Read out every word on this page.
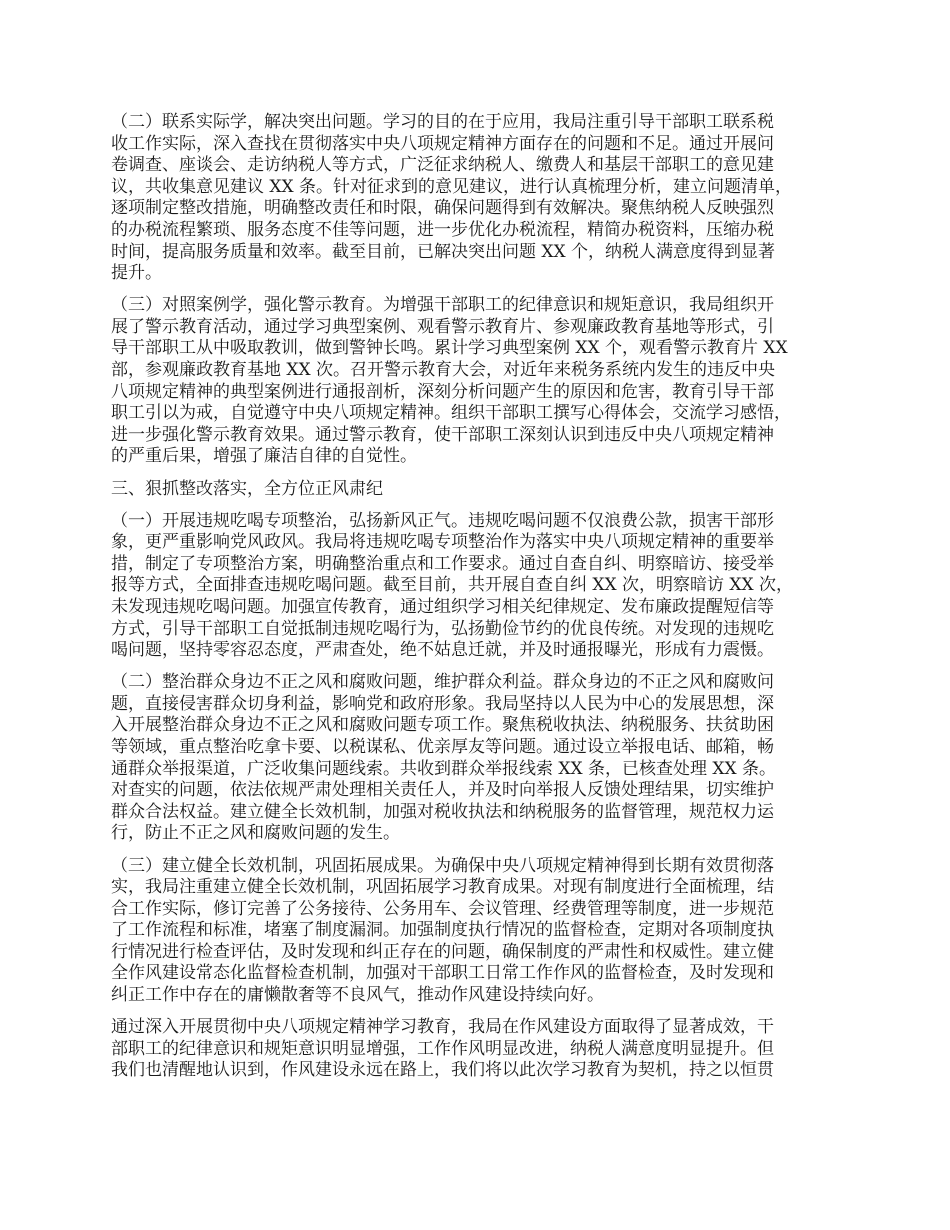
（二）联系实际学，解决突出问题。学习的目的在于应用，我局注重引导干部职工联系税
收工作实际，深入查找在贯彻落实中央八项规定精神方面存在的问题和不足。通过开展问
卷调查、座谈会、走访纳税人等方式，广泛征求纳税人、缴费人和基层干部职工的意见建
议，共收集意见建议 XX 条。针对征求到的意见建议，进行认真梳理分析，建立问题清单，
逐项制定整改措施，明确整改责任和时限，确保问题得到有效解决。聚焦纳税人反映强烈
的办税流程繁琐、服务态度不佳等问题，进一步优化办税流程，精简办税资料，压缩办税
时间，提高服务质量和效率。截至目前，已解决突出问题 XX 个，纳税人满意度得到显著
提升。
（三）对照案例学，强化警示教育。为增强干部职工的纪律意识和规矩意识，我局组织开
展了警示教育活动，通过学习典型案例、观看警示教育片、参观廉政教育基地等形式，引
导干部职工从中吸取教训，做到警钟长鸣。累计学习典型案例 XX 个，观看警示教育片 XX
部，参观廉政教育基地 XX 次。召开警示教育大会，对近年来税务系统内发生的违反中央
八项规定精神的典型案例进行通报剖析，深刻分析问题产生的原因和危害，教育引导干部
职工引以为戒，自觉遵守中央八项规定精神。组织干部职工撰写心得体会，交流学习感悟，
进一步强化警示教育效果。通过警示教育，使干部职工深刻认识到违反中央八项规定精神
的严重后果，增强了廉洁自律的自觉性。
三、狠抓整改落实，全方位正风肃纪
（一）开展违规吃喝专项整治，弘扬新风正气。违规吃喝问题不仅浪费公款，损害干部形
象，更严重影响党风政风。我局将违规吃喝专项整治作为落实中央八项规定精神的重要举
措，制定了专项整治方案，明确整治重点和工作要求。通过自查自纠、明察暗访、接受举
报等方式，全面排查违规吃喝问题。截至目前，共开展自查自纠 XX 次，明察暗访 XX 次，
未发现违规吃喝问题。加强宣传教育，通过组织学习相关纪律规定、发布廉政提醒短信等
方式，引导干部职工自觉抵制违规吃喝行为，弘扬勤俭节约的优良传统。对发现的违规吃
喝问题，坚持零容忍态度，严肃查处，绝不姑息迁就，并及时通报曝光，形成有力震慑。
（二）整治群众身边不正之风和腐败问题，维护群众利益。群众身边的不正之风和腐败问
题，直接侵害群众切身利益，影响党和政府形象。我局坚持以人民为中心的发展思想，深
入开展整治群众身边不正之风和腐败问题专项工作。聚焦税收执法、纳税服务、扶贫助困
等领域，重点整治吃拿卡要、以税谋私、优亲厚友等问题。通过设立举报电话、邮箱，畅
通群众举报渠道，广泛收集问题线索。共收到群众举报线索 XX 条，已核查处理 XX 条。
对查实的问题，依法依规严肃处理相关责任人，并及时向举报人反馈处理结果，切实维护
群众合法权益。建立健全长效机制，加强对税收执法和纳税服务的监督管理，规范权力运
行，防止不正之风和腐败问题的发生。
（三）建立健全长效机制，巩固拓展成果。为确保中央八项规定精神得到长期有效贯彻落
实，我局注重建立健全长效机制，巩固拓展学习教育成果。对现有制度进行全面梳理，结
合工作实际，修订完善了公务接待、公务用车、会议管理、经费管理等制度，进一步规范
了工作流程和标准，堵塞了制度漏洞。加强制度执行情况的监督检查，定期对各项制度执
行情况进行检查评估，及时发现和纠正存在的问题，确保制度的严肃性和权威性。建立健
全作风建设常态化监督检查机制，加强对干部职工日常工作作风的监督检查，及时发现和
纠正工作中存在的庸懒散奢等不良风气，推动作风建设持续向好。
通过深入开展贯彻中央八项规定精神学习教育，我局在作风建设方面取得了显著成效，干
部职工的纪律意识和规矩意识明显增强，工作作风明显改进，纳税人满意度明显提升。但
我们也清醒地认识到，作风建设永远在路上，我们将以此次学习教育为契机，持之以恒贯
